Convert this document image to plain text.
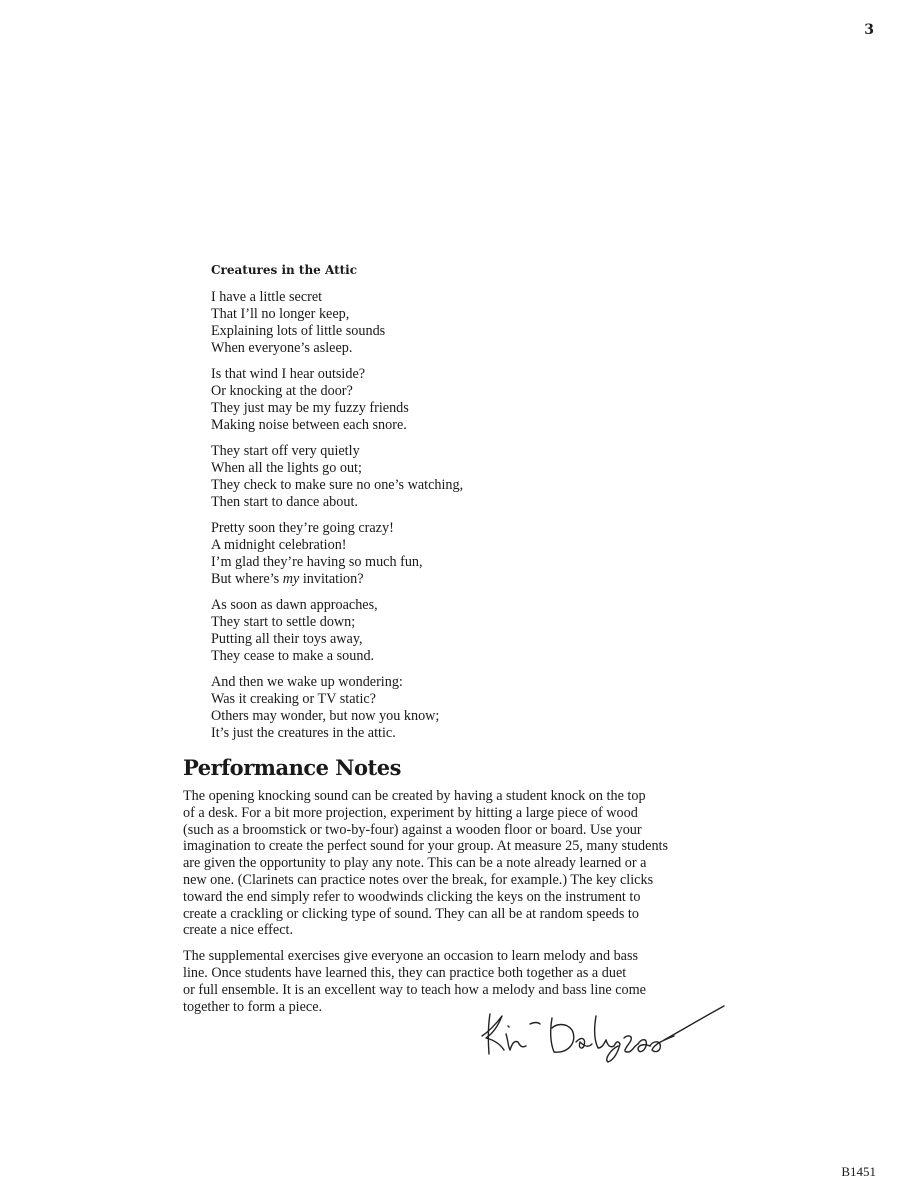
3
Creatures in the Attic
I have a little secret
That I’ll no longer keep,
Explaining lots of little sounds
When everyone’s asleep.
Is that wind I hear outside?
Or knocking at the door?
They just may be my fuzzy friends
Making noise between each snore.
They start off very quietly
When all the lights go out;
They check to make sure no one’s watching,
Then start to dance about.
Pretty soon they’re going crazy!
A midnight celebration!
I’m glad they’re having so much fun,
But where’s my invitation?
As soon as dawn approaches,
They start to settle down;
Putting all their toys away,
They cease to make a sound.
And then we wake up wondering:
Was it creaking or TV static?
Others may wonder, but now you know;
It’s just the creatures in the attic.
Performance Notes
The opening knocking sound can be created by having a student knock on the top
of a desk. For a bit more projection, experiment by hitting a large piece of wood
(such as a broomstick or two-by-four) against a wooden floor or board. Use your
imagination to create the perfect sound for your group. At measure 25, many students
are given the opportunity to play any note. This can be a note already learned or a
new one. (Clarinets can practice notes over the break, for example.) The key clicks
toward the end simply refer to woodwinds clicking the keys on the instrument to
create a crackling or clicking type of sound. They can all be at random speeds to
create a nice effect.
The supplemental exercises give everyone an occasion to learn melody and bass
line. Once students have learned this, they can practice both together as a duet
or full ensemble. It is an excellent way to teach how a melody and bass line come
together to form a piece.
B1451
